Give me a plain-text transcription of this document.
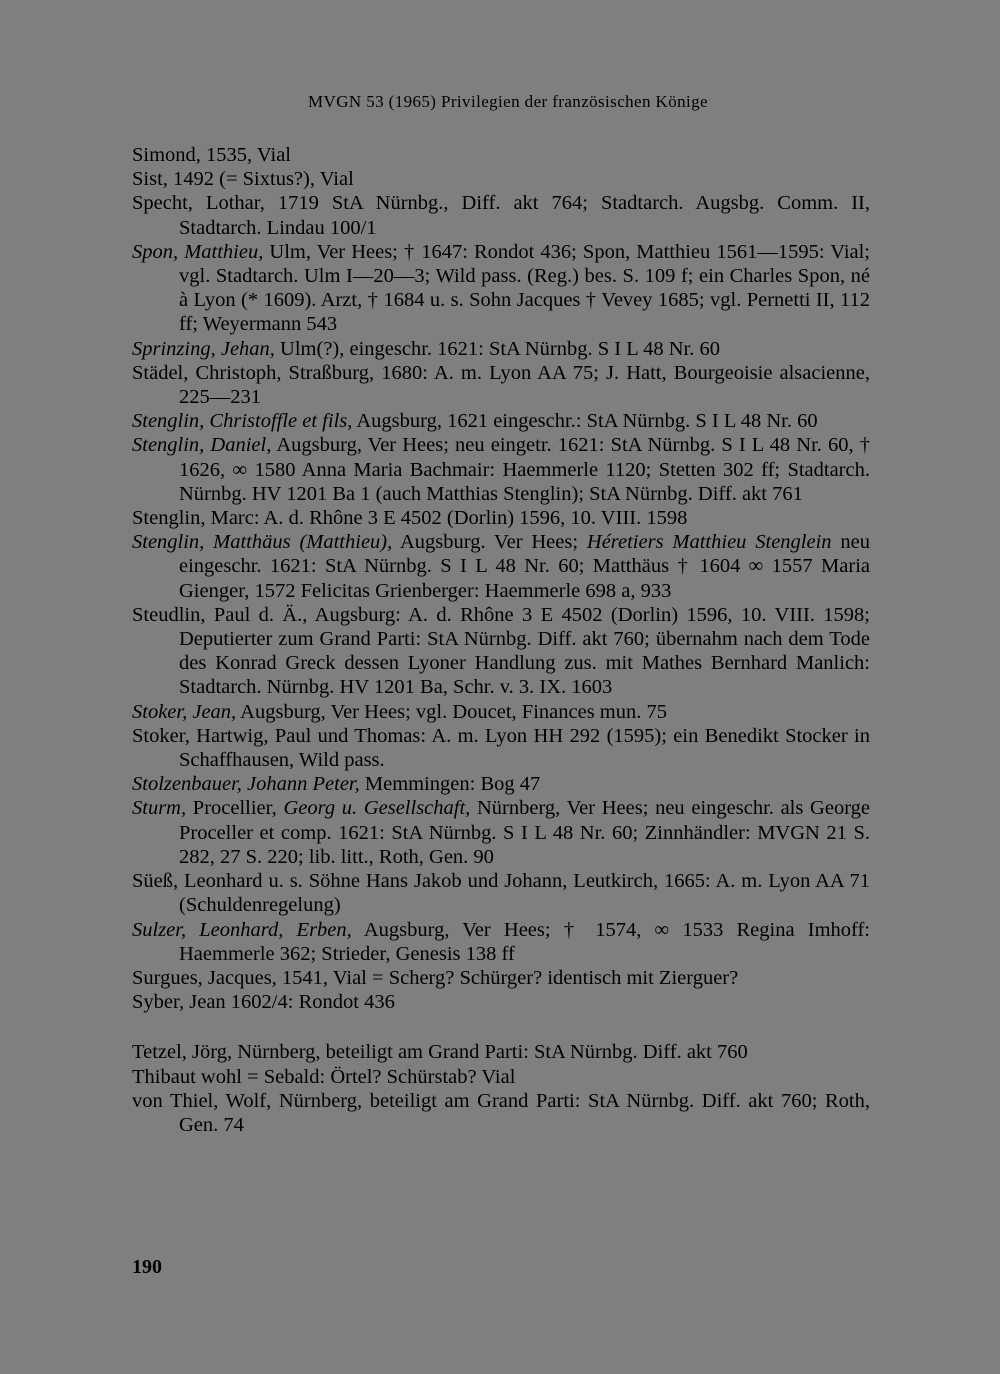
MVGN 53 (1965) Privilegien der französischen Könige
Simond, 1535, Vial
Sist, 1492 (= Sixtus?), Vial
Specht, Lothar, 1719 StA Nürnbg., Diff. akt 764; Stadtarch. Augsbg. Comm. II, Stadtarch. Lindau 100/1
Spon, Matthieu, Ulm, Ver Hees; † 1647: Rondot 436; Spon, Matthieu 1561—1595: Vial; vgl. Stadtarch. Ulm I—20—3; Wild pass. (Reg.) bes. S. 109 f; ein Charles Spon, né à Lyon (* 1609). Arzt, † 1684 u. s. Sohn Jacques † Vevey 1685; vgl. Pernetti II, 112 ff; Weyermann 543
Sprinzing, Jehan, Ulm(?), eingeschr. 1621: StA Nürnbg. S I L 48 Nr. 60
Städel, Christoph, Straßburg, 1680: A. m. Lyon AA 75; J. Hatt, Bourgeoisie alsacienne, 225—231
Stenglin, Christoffle et fils, Augsburg, 1621 eingeschr.: StA Nürnbg. S I L 48 Nr. 60
Stenglin, Daniel, Augsburg, Ver Hees; neu eingetr. 1621: StA Nürnbg. S I L 48 Nr. 60, † 1626, ∞ 1580 Anna Maria Bachmair: Haemmerle 1120; Stetten 302 ff; Stadtarch. Nürnbg. HV 1201 Ba 1 (auch Matthias Stenglin); StA Nürnbg. Diff. akt 761
Stenglin, Marc: A. d. Rhône 3 E 4502 (Dorlin) 1596, 10. VIII. 1598
Stenglin, Matthäus (Matthieu), Augsburg. Ver Hees; Héretiers Matthieu Stenglein neu eingeschr. 1621: StA Nürnbg. S I L 48 Nr. 60; Matthäus † 1604 ∞ 1557 Maria Gienger, 1572 Felicitas Grienberger: Haemmerle 698 a, 933
Steudlin, Paul d. Ä., Augsburg: A. d. Rhône 3 E 4502 (Dorlin) 1596, 10. VIII. 1598; Deputierter zum Grand Parti: StA Nürnbg. Diff. akt 760; übernahm nach dem Tode des Konrad Greck dessen Lyoner Handlung zus. mit Mathes Bernhard Manlich: Stadtarch. Nürnbg. HV 1201 Ba, Schr. v. 3. IX. 1603
Stoker, Jean, Augsburg, Ver Hees; vgl. Doucet, Finances mun. 75
Stoker, Hartwig, Paul und Thomas: A. m. Lyon HH 292 (1595); ein Benedikt Stocker in Schaffhausen, Wild pass.
Stolzenbauer, Johann Peter, Memmingen: Bog 47
Sturm, Procellier, Georg u. Gesellschaft, Nürnberg, Ver Hees; neu eingeschr. als George Proceller et comp. 1621: StA Nürnbg. S I L 48 Nr. 60; Zinnhändler: MVGN 21 S. 282, 27 S. 220; lib. litt., Roth, Gen. 90
Süeß, Leonhard u. s. Söhne Hans Jakob und Johann, Leutkirch, 1665: A. m. Lyon AA 71 (Schuldenregelung)
Sulzer, Leonhard, Erben, Augsburg, Ver Hees; † 1574, ∞ 1533 Regina Imhoff: Haemmerle 362; Strieder, Genesis 138 ff
Surgues, Jacques, 1541, Vial = Scherg? Schürger? identisch mit Zierguer?
Syber, Jean 1602/4: Rondot 436
Tetzel, Jörg, Nürnberg, beteiligt am Grand Parti: StA Nürnbg. Diff. akt 760
Thibaut wohl = Sebald: Örtel? Schürstab? Vial
von Thiel, Wolf, Nürnberg, beteiligt am Grand Parti: StA Nürnbg. Diff. akt 760; Roth, Gen. 74
190
